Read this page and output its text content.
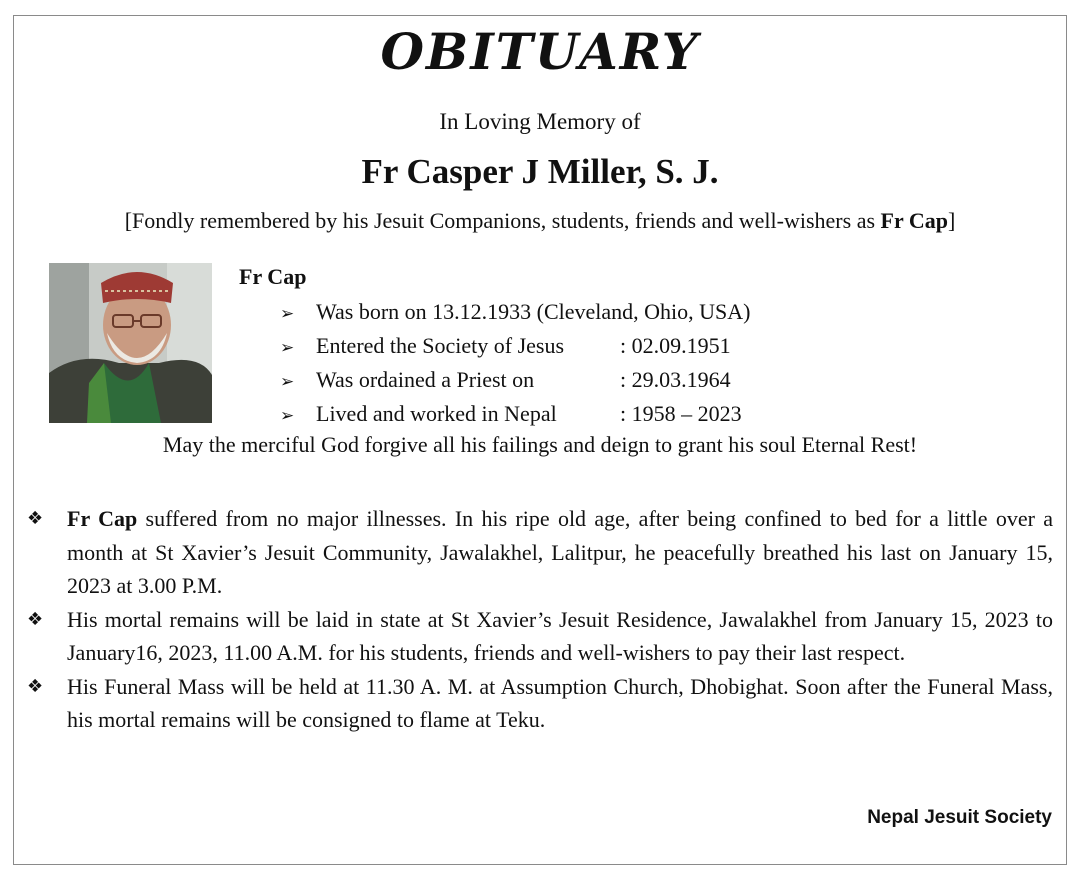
OBITUARY
In Loving Memory of
Fr Casper J Miller, S. J.
[Fondly remembered by his Jesuit Companions, students, friends and well-wishers as Fr Cap]
Fr Cap
➢ Was born on 13.12.1933 (Cleveland, Ohio, USA)
➢ Entered the Society of Jesus	: 02.09.1951
➢ Was ordained a Priest on	: 29.03.1964
➢ Lived and worked in Nepal	: 1958 – 2023
May the merciful God forgive all his failings and deign to grant his soul Eternal Rest!
❖ Fr Cap suffered from no major illnesses. In his ripe old age, after being confined to bed for a little over a month at St Xavier’s Jesuit Community, Jawalakhel, Lalitpur, he peacefully breathed his last on January 15, 2023 at 3.00 P.M.
❖ His mortal remains will be laid in state at St Xavier’s Jesuit Residence, Jawalakhel from January 15, 2023 to January16, 2023, 11.00 A.M. for his students, friends and well-wishers to pay their last respect.
❖ His Funeral Mass will be held at 11.30 A. M. at Assumption Church, Dhobighat. Soon after the Funeral Mass, his mortal remains will be consigned to flame at Teku.
Nepal Jesuit Society
